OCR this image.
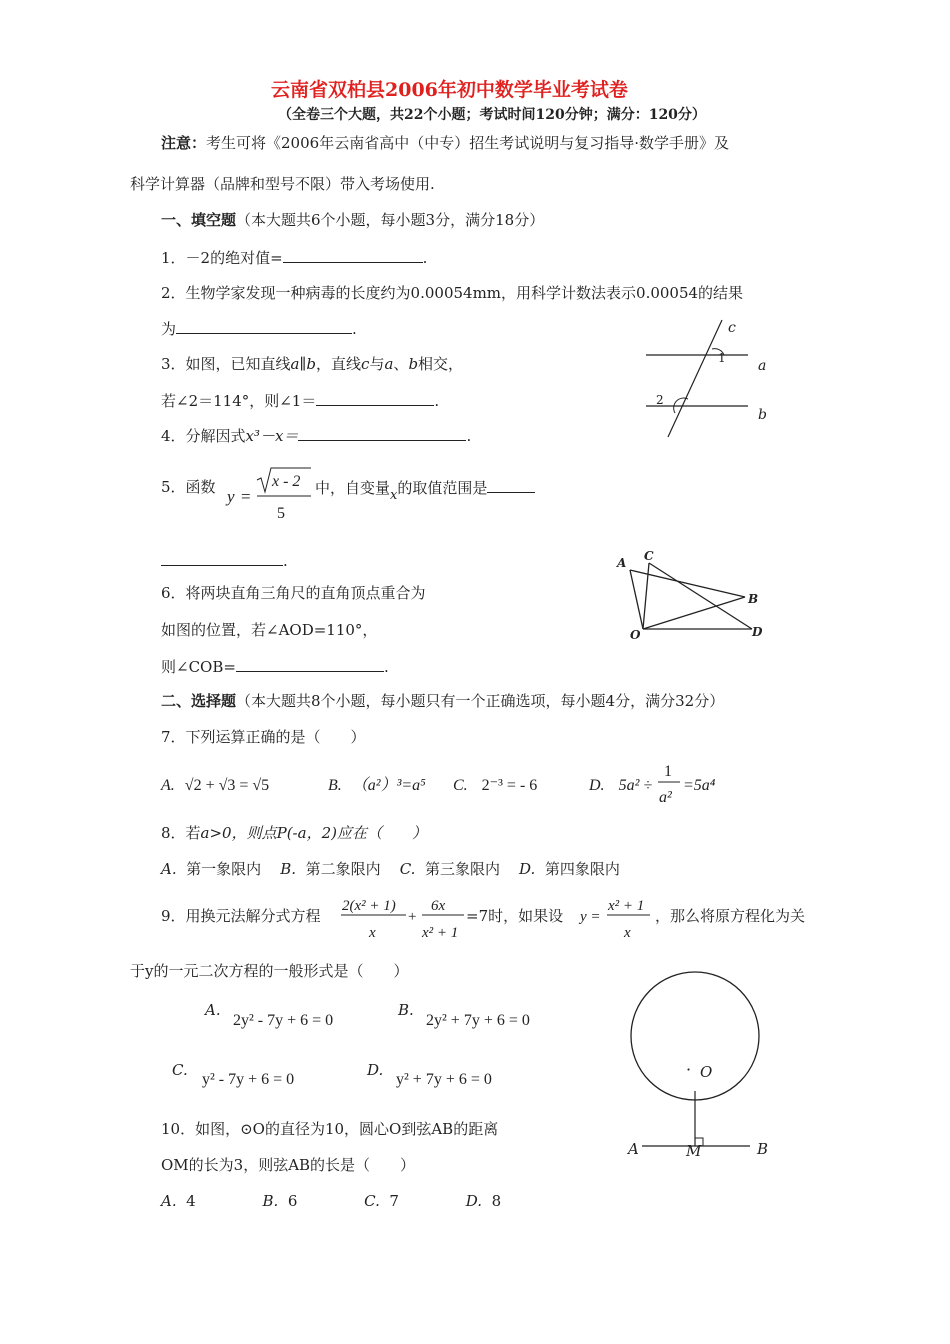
云南省双柏县2006年初中数学毕业考试卷
（全卷三个大题，共22个小题；考试时间120分钟；满分：120分）
注意：考生可将《2006年云南省高中（中专）招生考试说明与复习指导·数学手册》及
科学计算器（品牌和型号不限）带入考场使用.
一、填空题（本大题共6个小题，每小题3分，满分18分）
1．－2的绝对值=	.
2．生物学家发现一种病毒的长度约为0.00054mm，用科学计数法表示0.00054的结果
为	.
3．如图，已知直线a∥b，直线c与a、b相交，
若∠2＝114°，则∠1＝	.
c
a
b
1
2
4．分解因式x³－x＝	.
5．函数 y =
x - 2
5
中，自变量x的取值范围是
.	A C
B
O	D
6．将两块直角三角尺的直角顶点重合为
如图的位置，若∠AOD=110°，
则∠COB=	.
二、选择题（本大题共8个小题，每小题只有一个正确选项，每小题4分，满分32分）
7．下列运算正确的是（　　）
A. √2 + √3 = √5	B. （a²）³=a⁵ C. 2⁻³ = - 6	D. 5a² ÷
1
a²
=5a⁴
8．若a>0，则点P(-a，2)应在（　　）
A. 第一象限内 B. 第二象限内 C. 第三象限内 D. 第四象限内
9．用换元法解分式方程
2(x² + 1)
x
+
6x
x² + 1
=7时，如果设 y =
x² + 1
x
，那么将原方程化为关
于y的一元二次方程的一般形式是（　　）
A.
2y² - 7y + 6 = 0
B.
2y² + 7y + 6 = 0
C.
y² - 7y + 6 = 0
D.
y² + 7y + 6 = 0
· O
A	M	B
10．如图，⊙O的直径为10，圆心O到弦AB的距离
OM的长为3，则弦AB的长是（　　）
A. 4	B. 6	C. 7	D. 8
